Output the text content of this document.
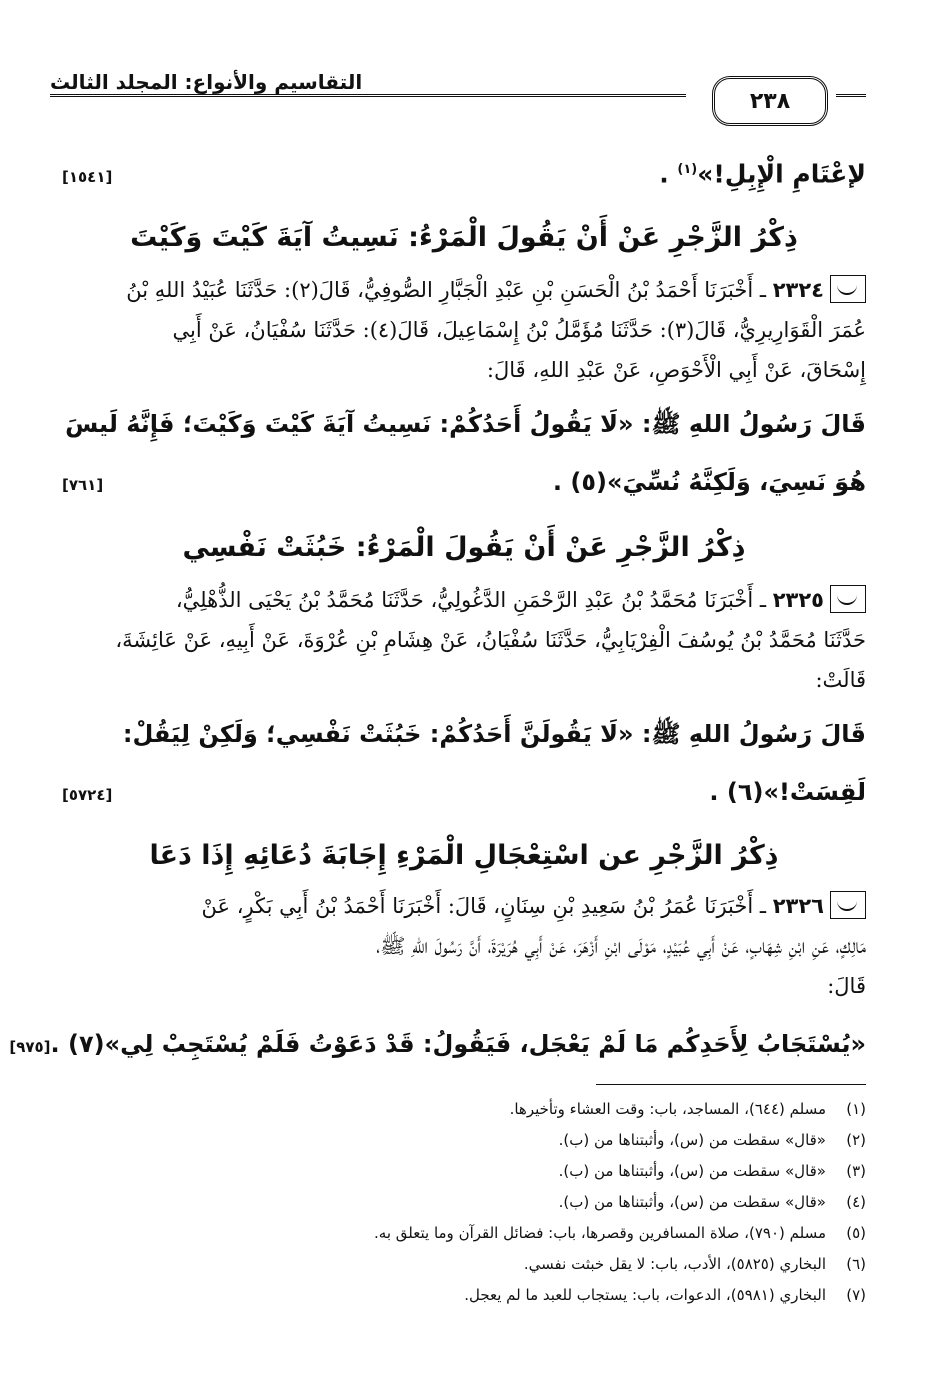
التقاسيم والأنواع: المجلد الثالث
٢٣٨
لإعْتَامِ الْإِبِلِ!»$^{(١)}$ .
[١٥٤١]
ذِكْرُ الزَّجْرِ عَنْ أَنْ يَقُولَ الْمَرْءُ: نَسِيتُ آيَةَ كَيْتَ وَكَيْتَ

٢٣٢٤ ـ أَخْبَرَنَا أَحْمَدُ بْنُ الْحَسَنِ بْنِ عَبْدِ الْجَبَّارِ الصُّوفِيُّ، قَالَ(٢): حَدَّثَنَا عُبَيْدُ اللهِ بْنُ

عُمَرَ الْقَوَارِيرِيُّ، قَالَ(٣): حَدَّثَنَا مُؤَمَّلُ بْنُ إِسْمَاعِيلَ، قَالَ(٤): حَدَّثَنَا سُفْيَانُ، عَنْ أَبِي

إِسْحَاقَ، عَنْ أَبِي الْأَحْوَصِ، عَنْ عَبْدِ اللهِ، قَالَ:

قَالَ رَسُولُ اللهِ ﷺ: «لَا يَقُولُ أَحَدُكُمْ: نَسِيتُ آيَةَ كَيْتَ وَكَيْتَ؛ فَإِنَّهُ لَيسَ
هُوَ نَسِيَ، وَلَكِنَّهُ نُسِّيَ»(٥) .
[٧٦١]
ذِكْرُ الزَّجْرِ عَنْ أَنْ يَقُولَ الْمَرْءُ: خَبُثَتْ نَفْسِي

٢٣٢٥ ـ أَخْبَرَنَا مُحَمَّدُ بْنُ عَبْدِ الرَّحْمَنِ الدَّغُولِيُّ، حَدَّثَنَا مُحَمَّدُ بْنُ يَحْيَى الذُّهْلِيُّ،

حَدَّثَنَا مُحَمَّدُ بْنُ يُوسُفَ الْفِرْيَابِيُّ، حَدَّثَنَا سُفْيَانُ، عَنْ هِشَامِ بْنِ عُرْوَةَ، عَنْ أَبِيهِ، عَنْ عَائِشَةَ،

قَالَتْ:

قَالَ رَسُولُ اللهِ ﷺ: «لَا يَقُولَنَّ أَحَدُكُمْ: خَبُثَتْ نَفْسِي؛ وَلَكِنْ لِيَقُلْ:
لَقِسَتْ!»(٦) .
[٥٧٢٤]
ذِكْرُ الزَّجْرِ عن اسْتِعْجَالِ الْمَرْءِ إِجَابَةَ دُعَائِهِ إِذَا دَعَا

٢٣٢٦ ـ أَخْبَرَنَا عُمَرُ بْنُ سَعِيدِ بْنِ سِنَانٍ، قَالَ: أَخْبَرَنَا أَحْمَدُ بْنُ أَبِي بَكْرٍ، عَنْ

مَالِكٍ، عَنِ ابْنِ شِهَابٍ، عَنْ أَبِي عُبَيْدٍ، مَوْلَى ابْنِ أَزْهَرَ، عَنْ أَبِي هُرَيْرَةَ، أَنَّ رَسُولَ اللهِ ﷺ،

قَالَ:

«يُسْتَجَابُ لِأَحَدِكُم مَا لَمْ يَعْجَل، فَيَقُولُ: قَدْ دَعَوْتُ فَلَمْ يُسْتَجِبْ لِي»(٧) .
[٩٧٥]
(١)
مسلم (٦٤٤)، المساجد، باب: وقت العشاء وتأخيرها.
(٢)
«قال» سقطت من (س)، وأثبتناها من (ب).
(٣)
«قال» سقطت من (س)، وأثبتناها من (ب).
(٤)
«قال» سقطت من (س)، وأثبتناها من (ب).
(٥)
مسلم (٧٩٠)، صلاة المسافرين وقصرها، باب: فضائل القرآن وما يتعلق به.
(٦)
البخاري (٥٨٢٥)، الأدب، باب: لا يقل خبثت نفسي.
(٧)
البخاري (٥٩٨١)، الدعوات، باب: يستجاب للعبد ما لم يعجل.
